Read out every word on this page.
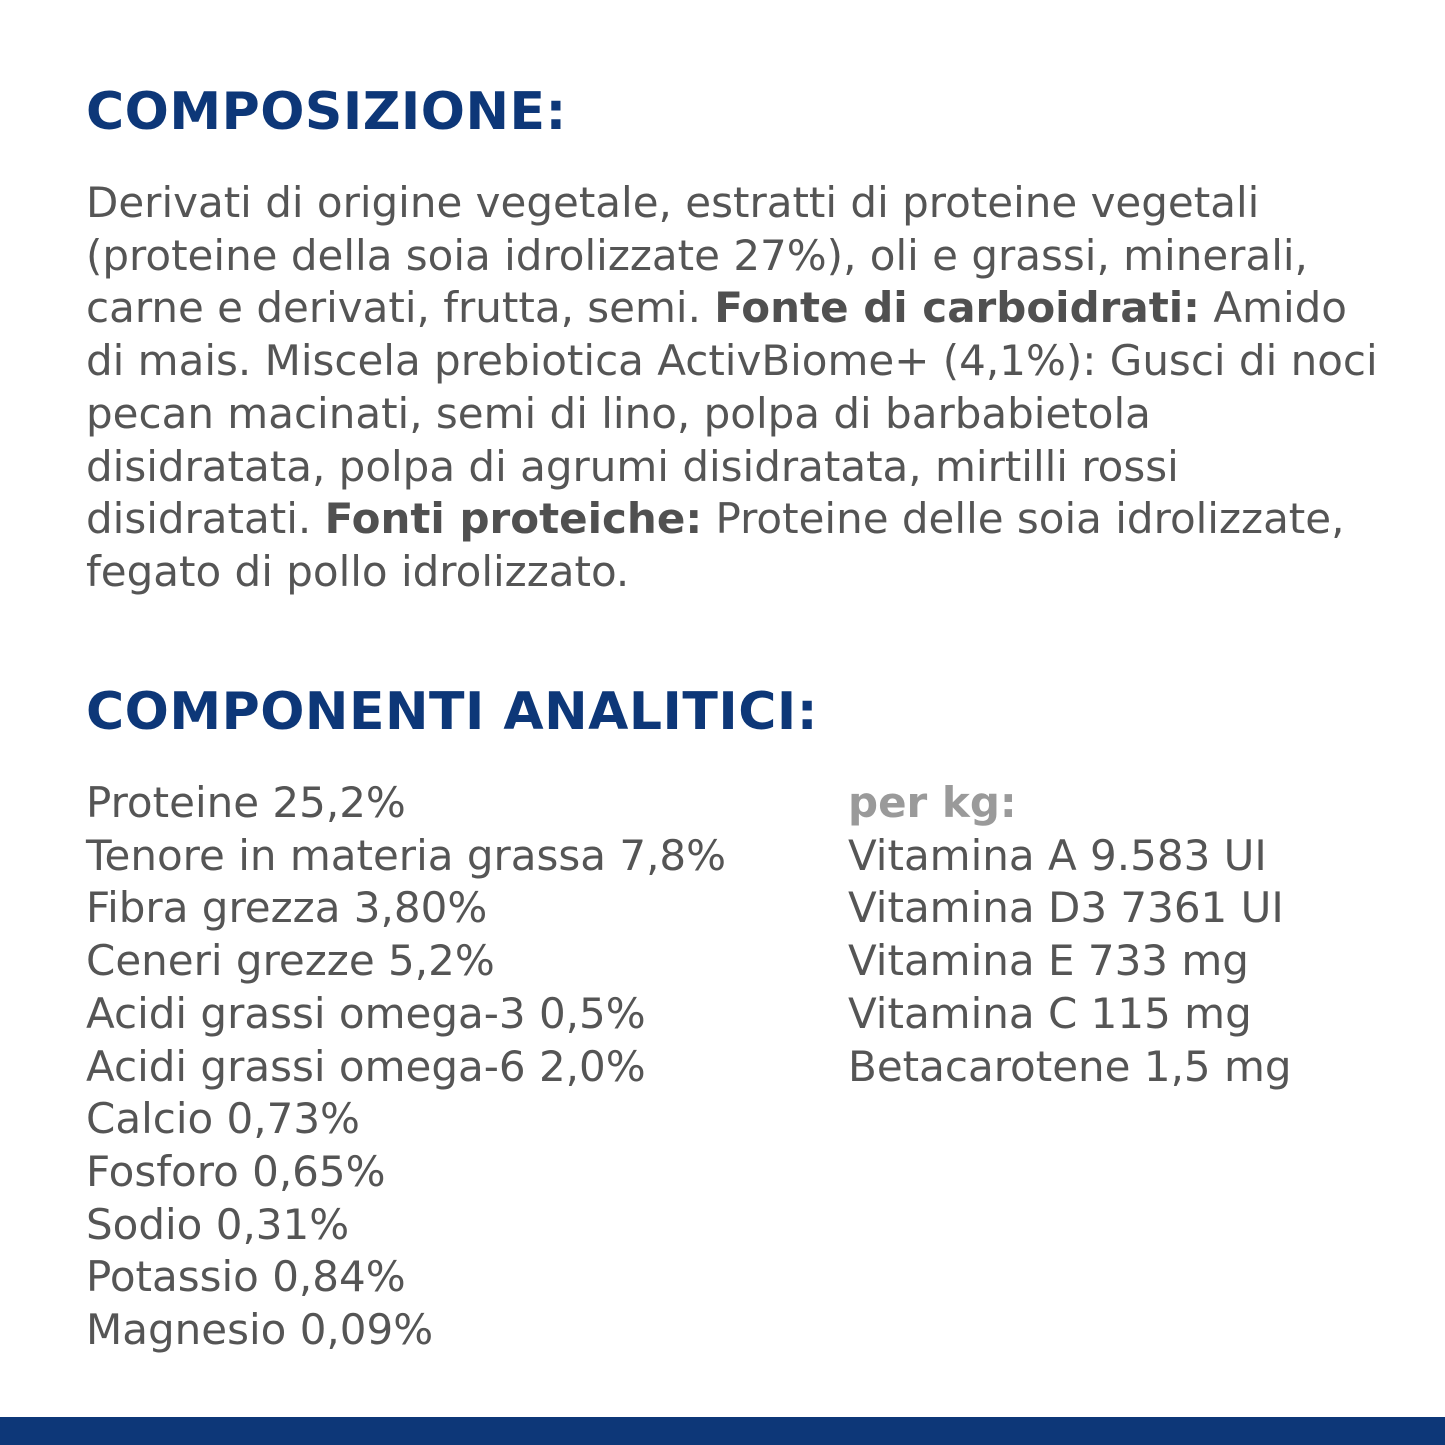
COMPOSIZIONE:

Derivati di origine vegetale, estratti di proteine vegetali (proteine della soia idrolizzate 27%), oli e grassi, minerali, carne e derivati, frutta, semi. Fonte di carboidrati: Amido di mais. Miscela prebiotica ActivBiome+ (4,1%): Gusci di noci pecan macinati, semi di lino, polpa di barbabietola disidratata, polpa di agrumi disidratata, mirtilli rossi disidratati. Fonti proteiche: Proteine delle soia idrolizzate, fegato di pollo idrolizzato.

COMPONENTI ANALITICI:
Proteine 25,2%
Tenore in materia grassa 7,8%
Fibra grezza 3,80%
Ceneri grezze 5,2%
Acidi grassi omega-3 0,5%
Acidi grassi omega-6 2,0%
Calcio 0,73%
Fosforo 0,65%
Sodio 0,31%
Potassio 0,84%
Magnesio 0,09%
per kg:
Vitamina A 9.583 UI
Vitamina D3 7361 UI
Vitamina E 733 mg
Vitamina C 115 mg
Betacarotene 1,5 mg
